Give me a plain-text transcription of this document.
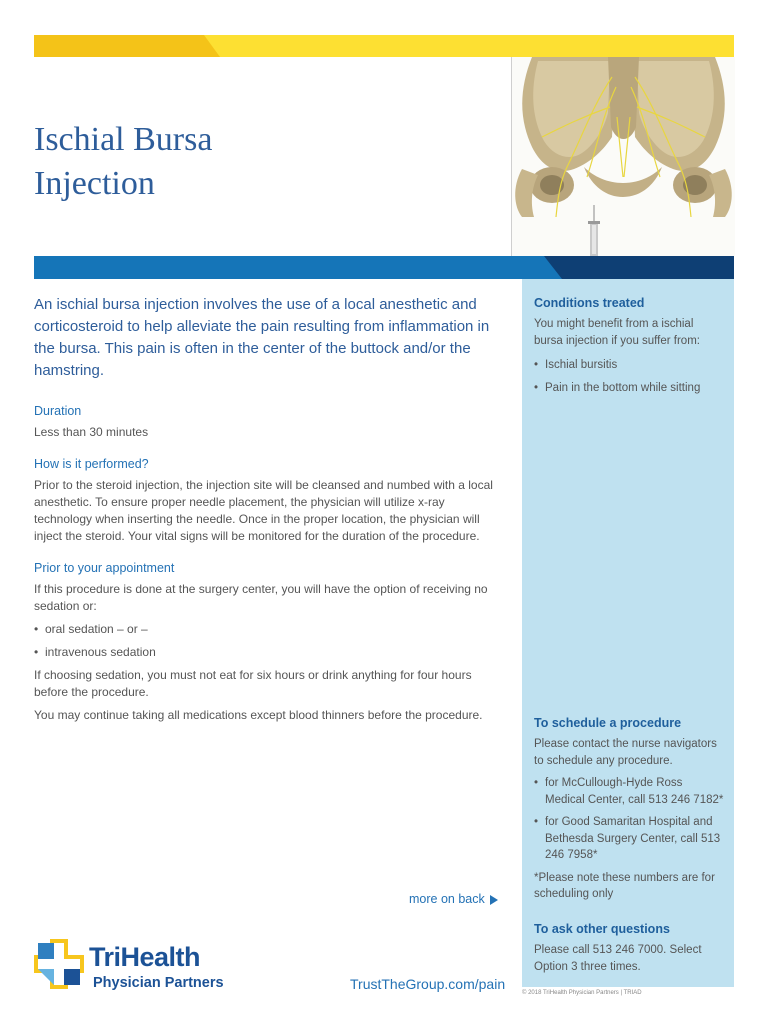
Ischial Bursa
Injection

An ischial bursa injection involves the use of a local anesthetic and corticosteroid to help alleviate the pain resulting from inflammation in the bursa. This pain is often in the center of the buttock and/or the hamstring.

Duration
Less than 30 minutes
How is it performed?
Prior to the steroid injection, the injection site will be cleansed and numbed with a local anesthetic. To ensure proper needle placement, the physician will utilize x-ray technology when inserting the needle. Once in the proper location, the physician will inject the steroid. Your vital signs will be monitored for the duration of the procedure.
Prior to your appointment
If this procedure is done at the surgery center, you will have the option of receiving no sedation or:
• oral sedation – or –
• intravenous sedation
If choosing sedation, you must not eat for six hours or drink anything for four hours before the procedure.
You may continue taking all medications except blood thinners before the procedure.
Conditions treated
You might benefit from a ischial bursa injection if you suffer from:
• Ischial bursitis
• Pain in the bottom while sitting
To schedule a procedure
Please contact the nurse navigators to schedule any procedure.
• for McCullough-Hyde Ross Medical Center, call 513 246 7182*
• for Good Samaritan Hospital and Bethesda Surgery Center, call 513 246 7958*
*Please note these numbers are for scheduling only
To ask other questions
Please call 513 246 7000. Select Option 3 three times.
more on back
TriHealth
Physician Partners	TrustTheGroup.com/pain
© 2018 TriHealth Physician Partners | TRIAD
